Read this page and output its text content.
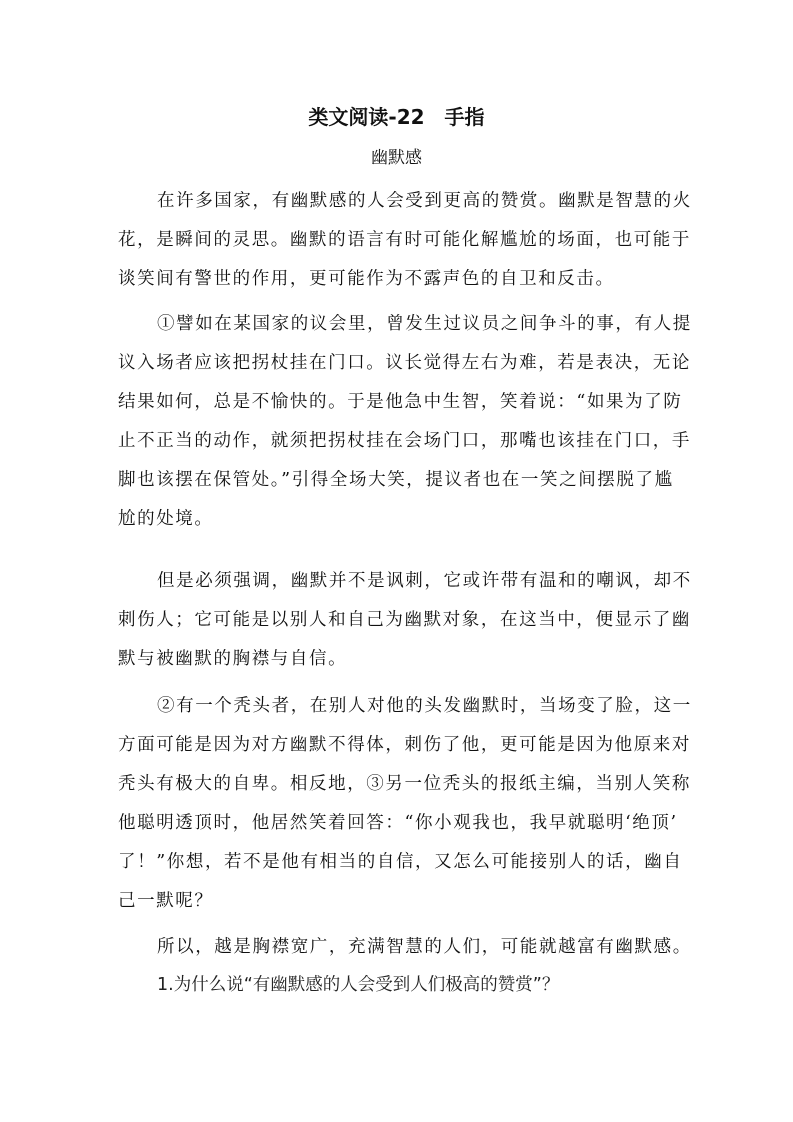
类文阅读-22　手指
幽默感
在许多国家，有幽默感的人会受到更高的赞赏。幽默是智慧的火
花，是瞬间的灵思。幽默的语言有时可能化解尴尬的场面，也可能于
谈笑间有警世的作用，更可能作为不露声色的自卫和反击。
①譬如在某国家的议会里，曾发生过议员之间争斗的事，有人提
议入场者应该把拐杖挂在门口。议长觉得左右为难，若是表决，无论
结果如何，总是不愉快的。于是他急中生智，笑着说：“如果为了防
止不正当的动作，就须把拐杖挂在会场门口，那嘴也该挂在门口，手
脚也该摆在保管处。”引得全场大笑，提议者也在一笑之间摆脱了尴
尬的处境。
但是必须强调，幽默并不是讽刺，它或许带有温和的嘲讽，却不
刺伤人；它可能是以别人和自己为幽默对象，在这当中，便显示了幽
默与被幽默的胸襟与自信。
②有一个秃头者，在别人对他的头发幽默时，当场变了脸，这一
方面可能是因为对方幽默不得体，刺伤了他，更可能是因为他原来对
秃头有极大的自卑。相反地，③另一位秃头的报纸主编，当别人笑称
他聪明透顶时，他居然笑着回答：“你小观我也，我早就聪明‘绝顶’
了！”你想，若不是他有相当的自信，又怎么可能接别人的话，幽自
己一默呢？
所以，越是胸襟宽广，充满智慧的人们，可能就越富有幽默感。
1.为什么说“有幽默感的人会受到人们极高的赞赏”？
